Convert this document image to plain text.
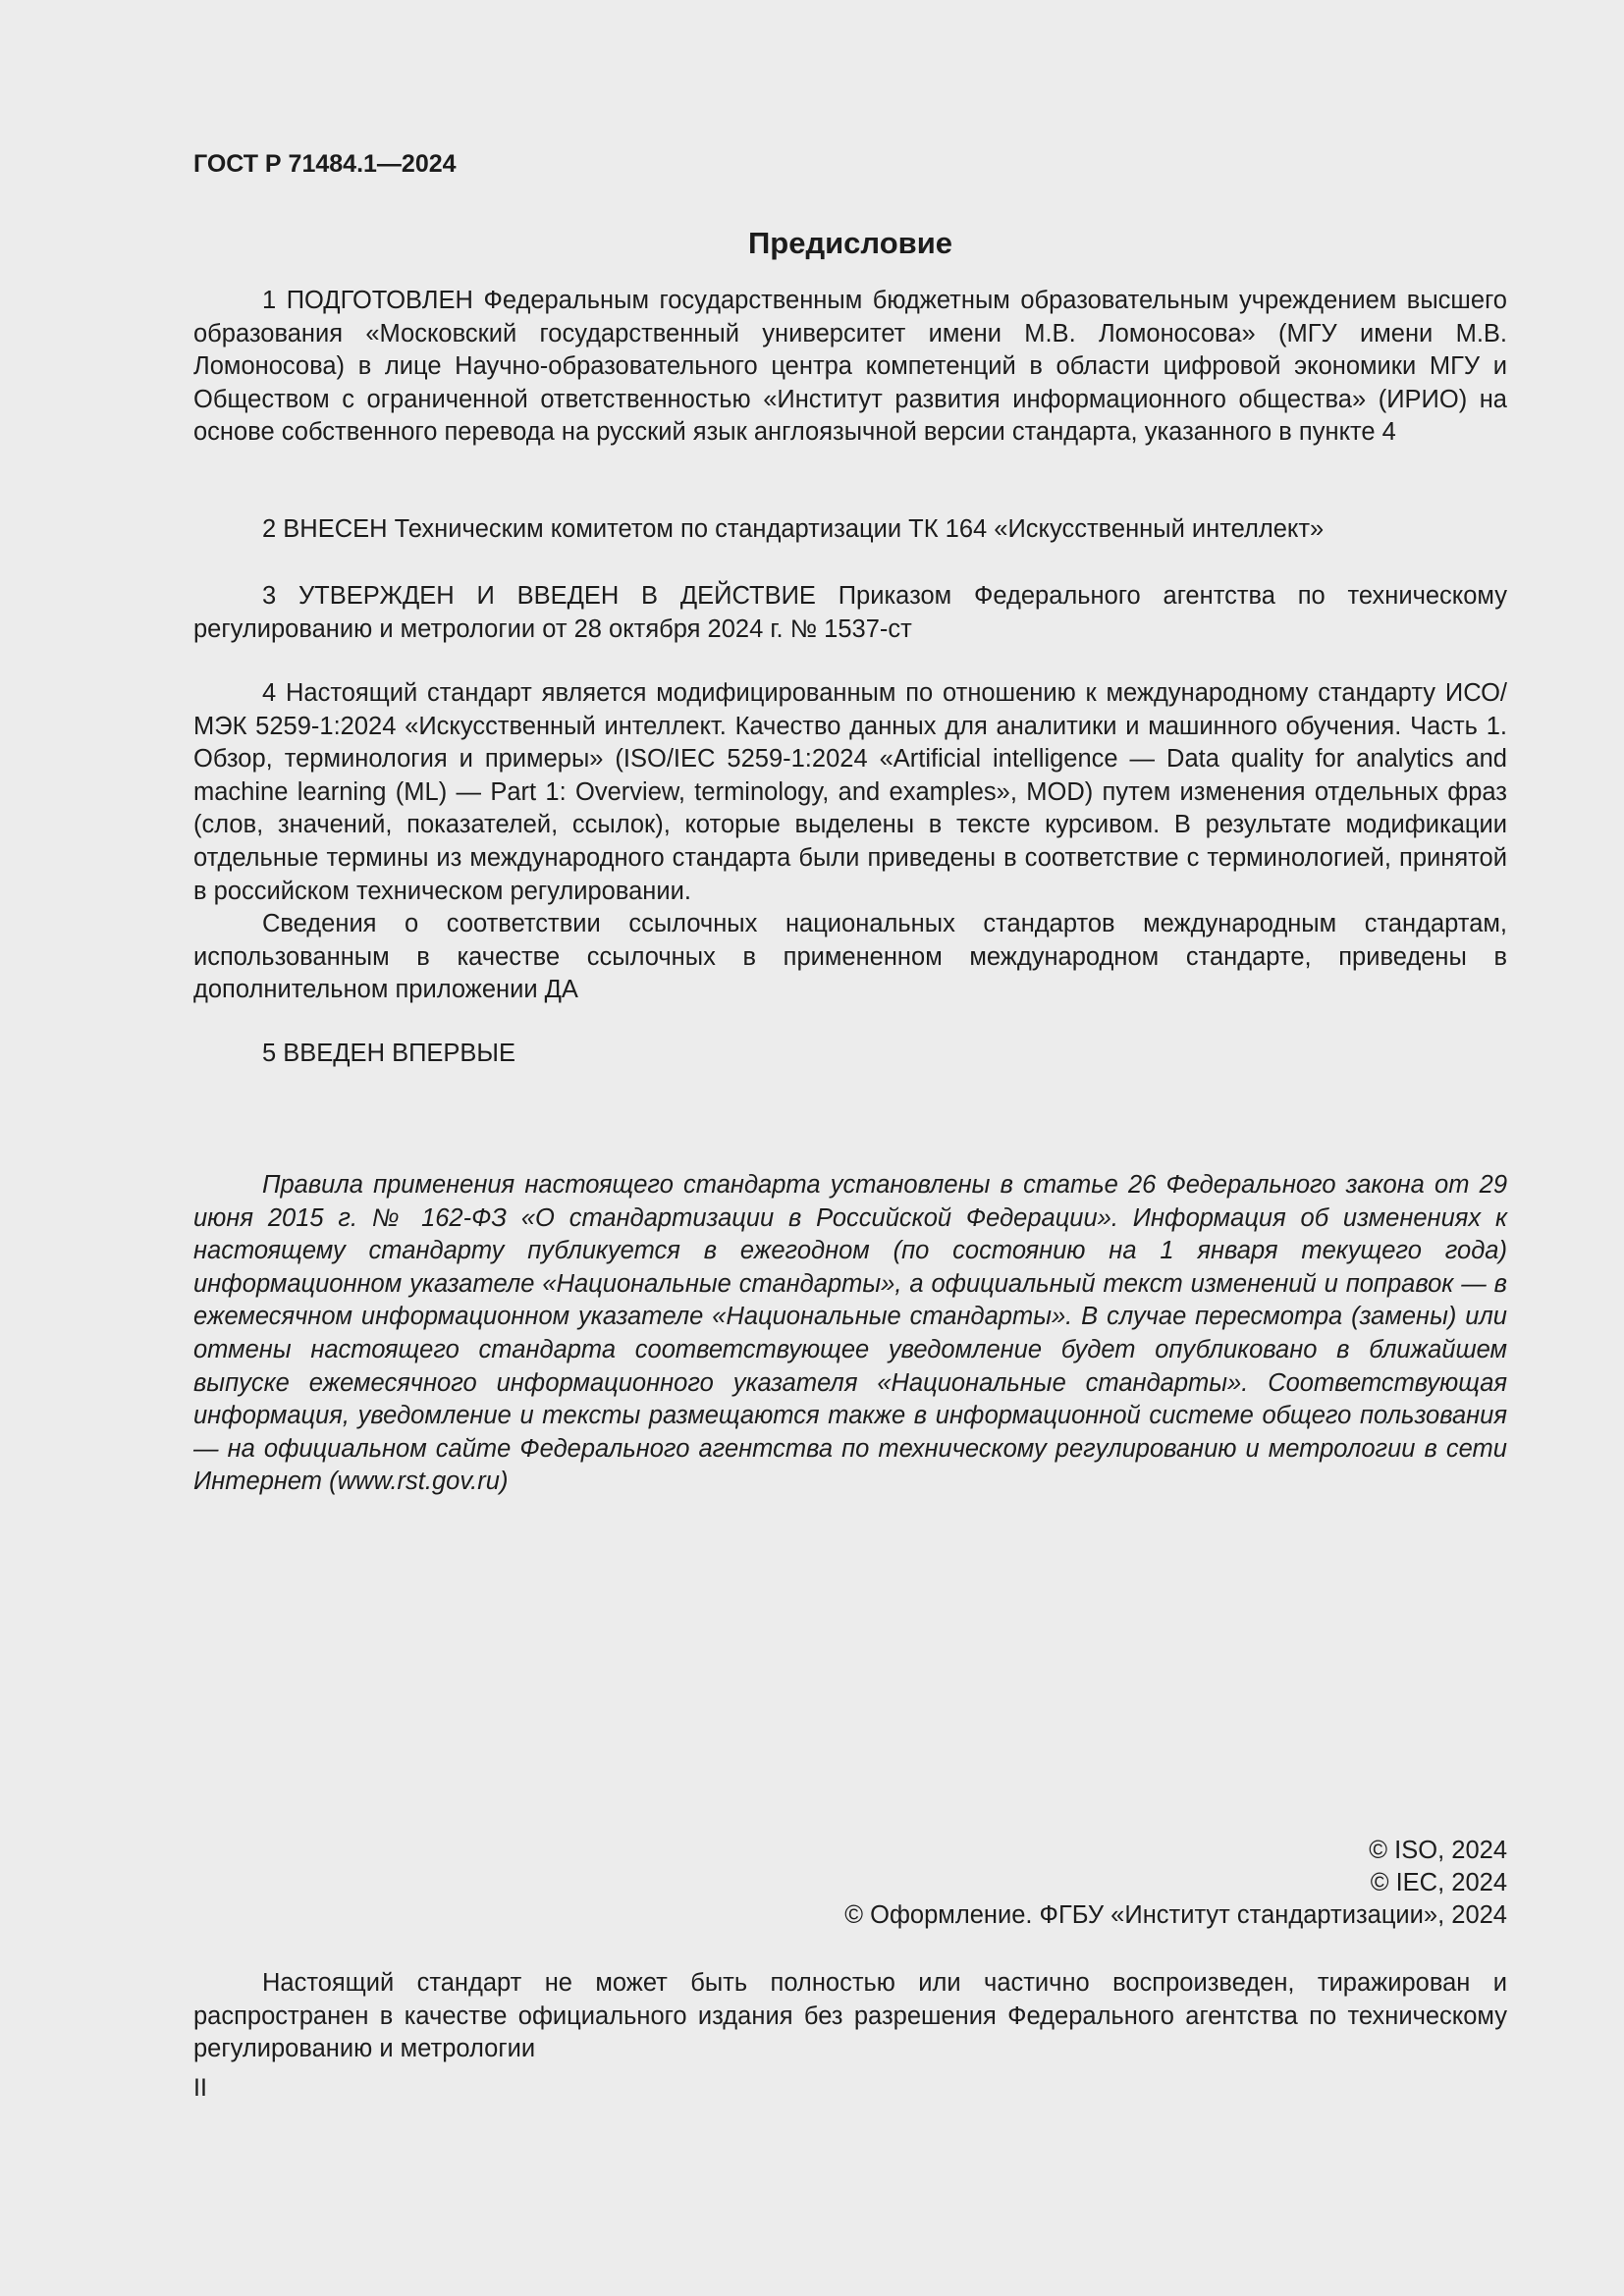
ГОСТ Р 71484.1—2024

Предисловие

1 ПОДГОТОВЛЕН Федеральным государственным бюджетным образовательным учреждением высшего образования «Московский государственный университет имени М.В. Ломоносова» (МГУ имени М.В. Ломоносова) в лице Научно-образовательного центра компетенций в области цифровой экономики МГУ и Обществом с ограниченной ответственностью «Институт развития информационного общества» (ИРИО) на основе собственного перевода на русский язык англоязычной версии стандарта, указанного в пункте 4

2 ВНЕСЕН Техническим комитетом по стандартизации ТК 164 «Искусственный интеллект»

3 УТВЕРЖДЕН И ВВЕДЕН В ДЕЙСТВИЕ Приказом Федерального агентства по техническому регулированию и метрологии от 28 октября 2024 г. № 1537-ст

4 Настоящий стандарт является модифицированным по отношению к международному стандарту ИСО/МЭК 5259-1:2024 «Искусственный интеллект. Качество данных для аналитики и машинного обучения. Часть 1. Обзор, терминология и примеры» (ISO/IEC 5259-1:2024 «Artificial intelligence — Data quality for analytics and machine learning (ML) — Part 1: Overview, terminology, and examples», MOD) путем изменения отдельных фраз (слов, значений, показателей, ссылок), которые выделены в тексте курсивом. В результате модификации отдельные термины из международного стандарта были приведены в соответствие с терминологией, принятой в российском техническом регулировании.

Сведения о соответствии ссылочных национальных стандартов международным стандартам, использованным в качестве ссылочных в примененном международном стандарте, приведены в дополнительном приложении ДА

5 ВВЕДЕН ВПЕРВЫЕ

Правила применения настоящего стандарта установлены в статье 26 Федерального закона от 29 июня 2015 г. № 162-ФЗ «О стандартизации в Российской Федерации». Информация об изменениях к настоящему стандарту публикуется в ежегодном (по состоянию на 1 января текущего года) информационном указателе «Национальные стандарты», а официальный текст изменений и поправок — в ежемесячном информационном указателе «Национальные стандарты». В случае пересмотра (замены) или отмены настоящего стандарта соответствующее уведомление будет опубликовано в ближайшем выпуске ежемесячного информационного указателя «Национальные стандарты». Соответствующая информация, уведомление и тексты размещаются также в информационной системе общего пользования — на официальном сайте Федерального агентства по техническому регулированию и метрологии в сети Интернет (www.rst.gov.ru)

© ISO, 2024
© IEC, 2024
© Оформление. ФГБУ «Институт стандартизации», 2024

Настоящий стандарт не может быть полностью или частично воспроизведен, тиражирован и распространен в качестве официального издания без разрешения Федерального агентства по техническому регулированию и метрологии

II
